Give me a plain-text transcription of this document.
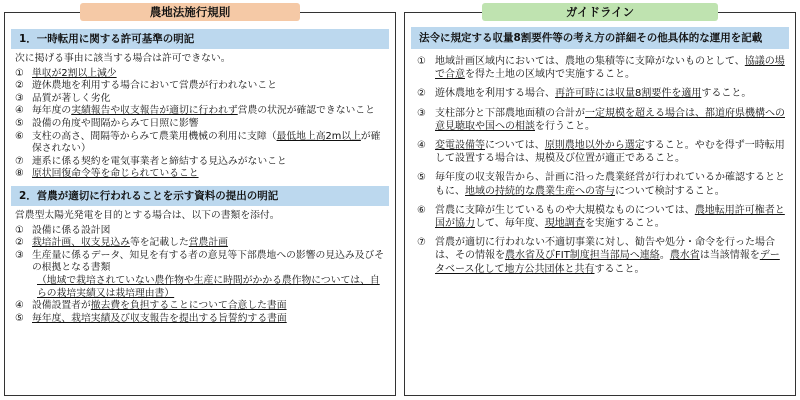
1．一時転用に関する許可基準の明記
次に掲げる事由に該当する場合は許可できない。
① 単収が2割以上減少
② 遊休農地を利用する場合において営農が行われないこと
③ 品質が著しく劣化
④ 毎年度の実績報告や収支報告が適切に行われず営農の状況が確認できないこと
⑤ 設備の角度や間隔からみて日照に影響
⑥ 支柱の高さ、間隔等からみて農業用機械の利用に支障（最低地上高2m以上が確保されない）
⑦ 連系に係る契約を電気事業者と締結する見込みがないこと
⑧ 原状回復命令等を命じられていること
2．営農が適切に行われることを示す資料の提出の明記
営農型太陽光発電を目的とする場合は、以下の書類を添付。
① 設備に係る設計図
② 栽培計画、収支見込み等を記載した営農計画
③ 生産量に係るデータ、知見を有する者の意見等下部農地への影響の見込み及びその根拠となる書類
（地域で栽培されていない農作物や生産に時間がかかる農作物については、自らの栽培実績又は栽培理由書）
④ 設備設置者が撤去費を負担することについて合意した書面
⑤ 毎年度、栽培実績及び収支報告を提出する旨誓約する書面
法令に規定する収量8割要件等の考え方の詳細その他具体的な運用を記載
① 地域計画区域内においては、農地の集積等に支障がないものとして、協議の場で合意を得た土地の区域内で実施すること。
② 遊休農地を利用する場合、再許可時には収量8割要件を適用すること。
③ 支柱部分と下部農地面積の合計が一定規模を超える場合は、都道府県機構への意見聴取や国への相談を行うこと。
④ 変電設備等については、原則農地以外から選定すること。やむを得ず一時転用して設置する場合は、規模及び位置が適正であること。
⑤ 毎年度の収支報告から、計画に沿った農業経営が行われているか確認するとともに、地域の持続的な農業生産への寄与について検討すること。
⑥ 営農に支障が生じているものや大規模なものについては、農地転用許可権者と国が協力して、毎年度、現地調査を実施すること。
⑦ 営農が適切に行われない不適切事業に対し、勧告や処分・命令を行った場合は、その情報を農水省及びFIT制度担当部局へ連絡。農水省は当該情報をデータベース化して地方公共団体と共有すること。
農地法施行規則	ガイドライン
